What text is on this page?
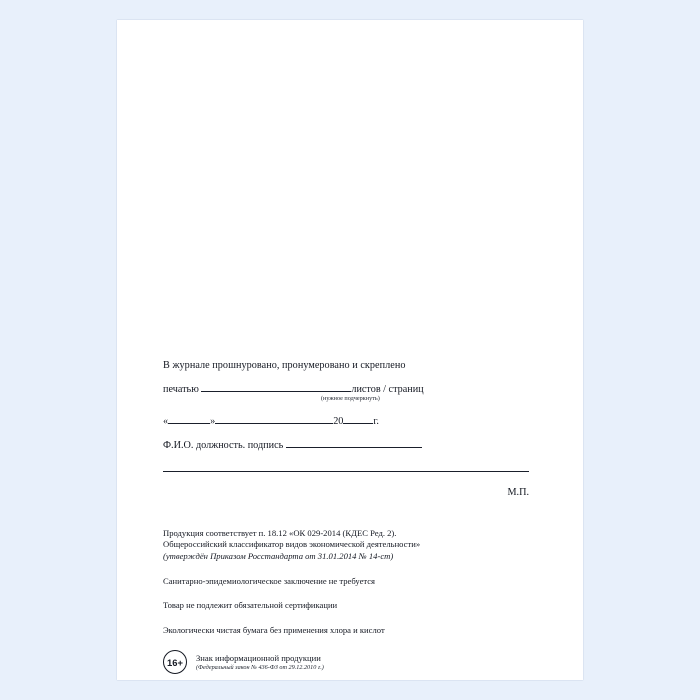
В журнале прошнуровано, пронумеровано и скреплено
печатью	листов / страниц
(нужное подчеркнуть)
«	»	20	г.
Ф.И.О. должность. подпись
М.П.

Продукция соответствует п. 18.12 «ОК 029-2014 (КДЕС Ред. 2).

Общероссийский классификатор видов экономической деятельности»

(утверждён Приказом Росстандарта от 31.01.2014 № 14-ст)

Санитарно-эпидемиологическое заключение не требуется

Товар не подлежит обязательной сертификации

Экологически чистая бумага без применения хлора и кислот

16+	Знак информационной продукции
(Федеральный закон № 436-ФЗ от 29.12.2010 г.)
